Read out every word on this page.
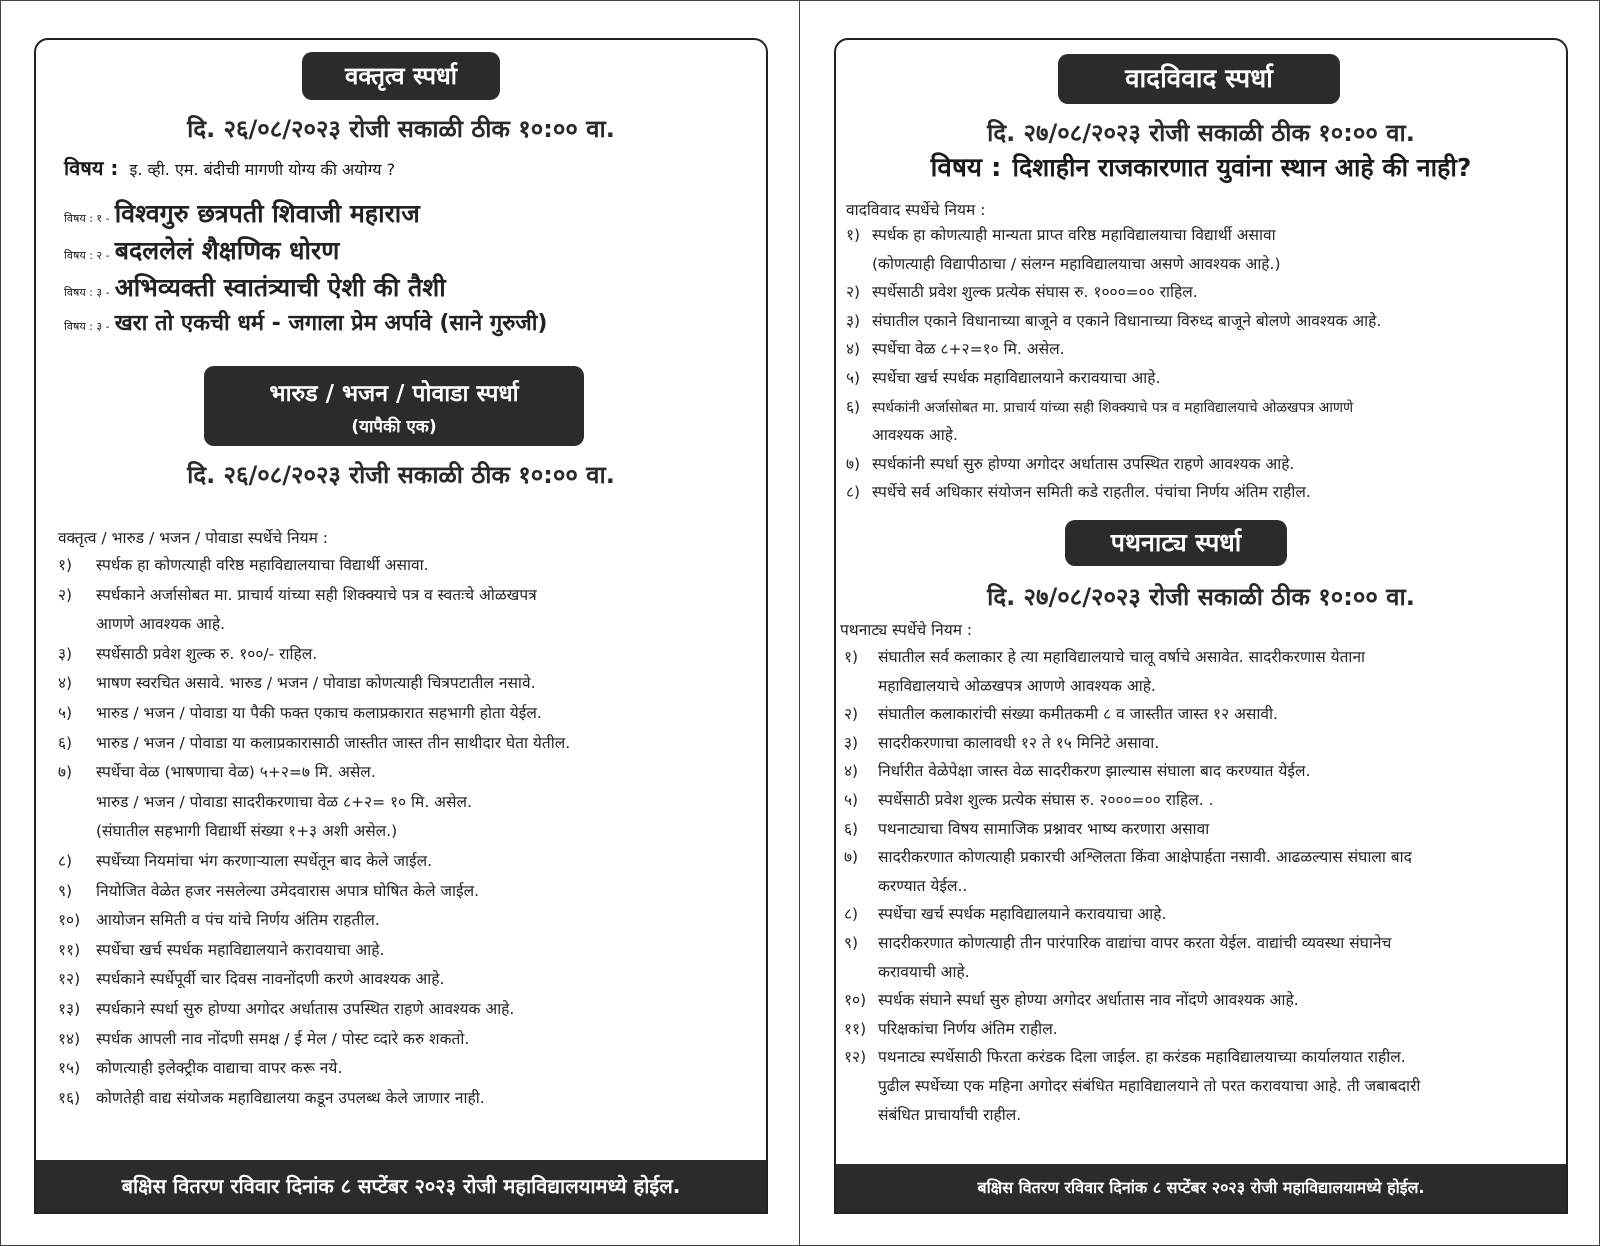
वक्तृत्व स्पर्धा
दि. २६/०८/२०२३ रोजी सकाळी ठीक १०:०० वा.
विषय : इ. व्ही. एम. बंदीची मागणी योग्य की अयोग्य ?
विषय : १ - विश्वगुरु छत्रपती शिवाजी महाराज
विषय : २ - बदललेलं शैक्षणिक धोरण
विषय : ३ - अभिव्यक्ती स्वातंत्र्याची ऐशी की तैशी
विषय : ३ - खरा तो एकची धर्म - जगाला प्रेम अर्पावे (साने गुरुजी)
भारुड / भजन / पोवाडा स्पर्धा
(यापैकी एक)
दि. २६/०८/२०२३ रोजी सकाळी ठीक १०:०० वा.
वक्तृत्व / भारुड / भजन / पोवाडा स्पर्धेचे नियम :
१) स्पर्धक हा कोणत्याही वरिष्ठ महाविद्यालयाचा विद्यार्थी असावा.
२) स्पर्धकाने अर्जासोबत मा. प्राचार्य यांच्या सही शिक्क्याचे पत्र व स्वतःचे ओळखपत्र
आणणे आवश्यक आहे.
३) स्पर्धेसाठी प्रवेश शुल्क रु. १००/- राहिल.
४) भाषण स्वरचित असावे. भारुड / भजन / पोवाडा कोणत्याही चित्रपटातील नसावे.
५) भारुड / भजन / पोवाडा या पैकी फक्त एकाच कलाप्रकारात सहभागी होता येईल.
६) भारुड / भजन / पोवाडा या कलाप्रकारासाठी जास्तीत जास्त तीन साथीदार घेता येतील.
७) स्पर्धेचा वेळ (भाषणाचा वेळ) ५+२=७ मि. असेल.
भारुड / भजन / पोवाडा सादरीकरणाचा वेळ ८+२= १० मि. असेल.
(संघातील सहभागी विद्यार्थी संख्या १+३ अशी असेल.)
८) स्पर्धेच्या नियमांचा भंग करणाऱ्याला स्पर्धेतून बाद केले जाईल.
९) नियोजित वेळेत हजर नसलेल्या उमेदवारास अपात्र घोषित केले जाईल.
१०) आयोजन समिती व पंच यांचे निर्णय अंतिम राहतील.
११) स्पर्धेचा खर्च स्पर्धक महाविद्यालयाने करावयाचा आहे.
१२) स्पर्धकाने स्पर्धेपूर्वी चार दिवस नावनोंदणी करणे आवश्यक आहे.
१३) स्पर्धकाने स्पर्धा सुरु होण्या अगोदर अर्धातास उपस्थित राहणे आवश्यक आहे.
१४) स्पर्धक आपली नाव नोंदणी समक्ष / ई मेल / पोस्ट व्दारे करु शकतो.
१५) कोणत्याही इलेक्ट्रीक वाद्याचा वापर करू नये.
१६) कोणतेही वाद्य संयोजक महाविद्यालया कडून उपलब्ध केले जाणार नाही.
बक्षिस वितरण रविवार दिनांक ८ सप्टेंबर २०२३ रोजी महाविद्यालयामध्ये होईल.
वादविवाद स्पर्धा
दि. २७/०८/२०२३ रोजी सकाळी ठीक १०:०० वा.
विषय : दिशाहीन राजकारणात युवांना स्थान आहे की नाही?
वादविवाद स्पर्धेचे नियम :
१) स्पर्धक हा कोणत्याही मान्यता प्राप्त वरिष्ठ महाविद्यालयाचा विद्यार्थी असावा
(कोणत्याही विद्यापीठाचा / संलग्न महाविद्यालयाचा असणे आवश्यक आहे.)
२) स्पर्धेसाठी प्रवेश शुल्क प्रत्येक संघास रु. १०००=०० राहिल.
३) संघातील एकाने विधानाच्या बाजूने व एकाने विधानाच्या विरुध्द बाजूने बोलणे आवश्यक आहे.
४) स्पर्धेचा वेळ ८+२=१० मि. असेल.
५) स्पर्धेचा खर्च स्पर्धक महाविद्यालयाने करावयाचा आहे.
६) स्पर्धकांनी अर्जासोबत मा. प्राचार्य यांच्या सही शिक्क्याचे पत्र व महाविद्यालयाचे ओळखपत्र आणणे
आवश्यक आहे.
७) स्पर्धकांनी स्पर्धा सुरु होण्या अगोदर अर्धातास उपस्थित राहणे आवश्यक आहे.
८) स्पर्धेचे सर्व अधिकार संयोजन समिती कडे राहतील. पंचांचा निर्णय अंतिम राहील.
पथनाट्य स्पर्धा
दि. २७/०८/२०२३ रोजी सकाळी ठीक १०:०० वा.
पथनाट्य स्पर्धेचे नियम :
१) संघातील सर्व कलाकार हे त्या महाविद्यालयाचे चालू वर्षाचे असावेत. सादरीकरणास येताना
महाविद्यालयाचे ओळखपत्र आणणे आवश्यक आहे.
२) संघातील कलाकारांची संख्या कमीतकमी ८ व जास्तीत जास्त १२ असावी.
३) सादरीकरणाचा कालावधी १२ ते १५ मिनिटे असावा.
४) निर्धारीत वेळेपेक्षा जास्त वेळ सादरीकरण झाल्यास संघाला बाद करण्यात येईल.
५) स्पर्धेसाठी प्रवेश शुल्क प्रत्येक संघास रु. २०००=०० राहिल. .
६) पथनाट्याचा विषय सामाजिक प्रश्नावर भाष्य करणारा असावा
७) सादरीकरणात कोणत्याही प्रकारची अश्लिलता किंवा आक्षेपार्हता नसावी. आढळल्यास संघाला बाद
करण्यात येईल..
८) स्पर्धेचा खर्च स्पर्धक महाविद्यालयाने करावयाचा आहे.
९) सादरीकरणात कोणत्याही तीन पारंपारिक वाद्यांचा वापर करता येईल. वाद्यांची व्यवस्था संघानेच
करावयाची आहे.
१०) स्पर्धक संघाने स्पर्धा सुरु होण्या अगोदर अर्धातास नाव नोंदणे आवश्यक आहे.
११) परिक्षकांचा निर्णय अंतिम राहील.
१२) पथनाट्य स्पर्धेसाठी फिरता करंडक दिला जाईल. हा करंडक महाविद्यालयाच्या कार्यालयात राहील.
पुढील स्पर्धेच्या एक महिना अगोदर संबंधित महाविद्यालयाने तो परत करावयाचा आहे. ती जबाबदारी
संबंधित प्राचार्यांची राहील.
बक्षिस वितरण रविवार दिनांक ८ सप्टेंबर २०२३ रोजी महाविद्यालयामध्ये होईल.
